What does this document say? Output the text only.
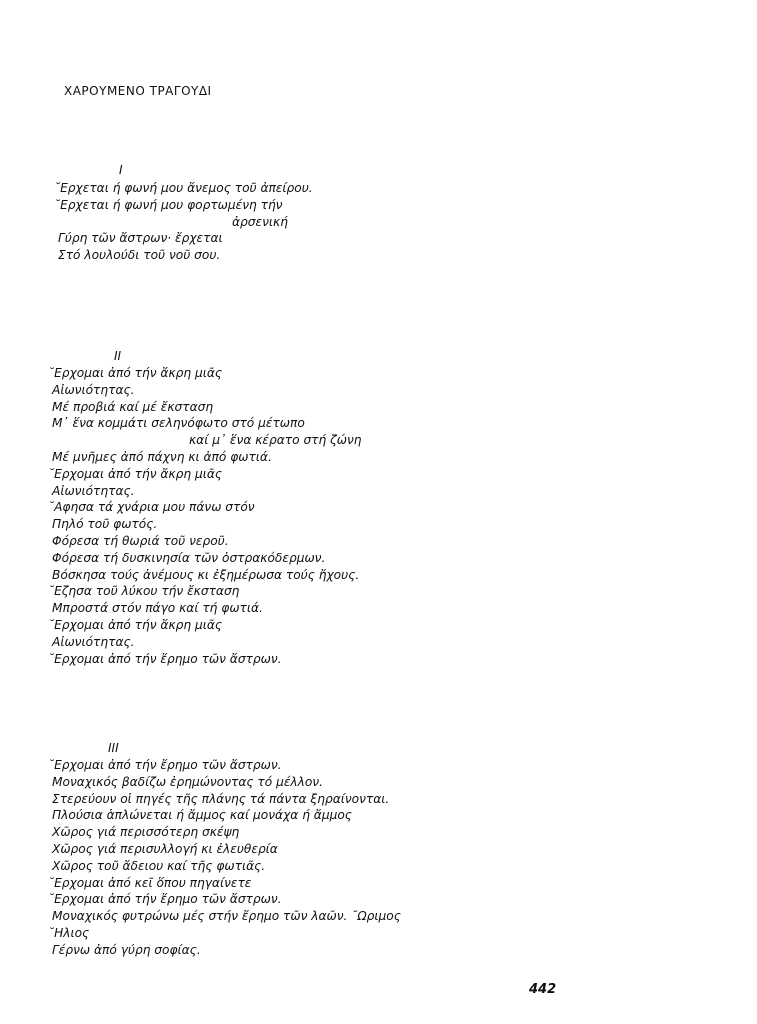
ΧΑΡΟΥΜΕΝΟ ΤΡΑΓΟΥΔΙ
I
˘Ερχεται ή φωνή μου ἄνεμος τοῦ ἀπείρου.
˘Ερχεται ή φωνή μου φορτωμένη τήν
ἀρσενική
Γύρη τῶν ἄστρων· ἔρχεται
Στό λουλούδι τοῦ νοῦ σου.
II
˘Ερχομαι ἀπό τήν ἄκρη μιᾶς
Αἰωνιότητας.
Μέ προβιά καί μέ ἔκσταση
Μ᾽ ἕνα κομμάτι σεληνόφωτο στό μέτωπο
καί μ᾽ ἕνα κέρατο στή ζώνη
Μέ μνῆμες ἀπό πάχνη κι ἀπό φωτιά.
˘Ερχομαι ἀπό τήν ἄκρη μιᾶς
Αἰωνιότητας.
˘Αφησα τά χνάρια μου πάνω στόν
Πηλό τοῦ φωτός.
Φόρεσα τή θωριά τοῦ νεροῦ.
Φόρεσα τή δυσκινησία τῶν ὀστρακόδερμων.
Βόσκησα τούς ἀνέμους κι ἐξημέρωσα τούς ἤχους.
˘Εζησα τοῦ λύκου τήν ἔκσταση
Μπροστά στόν πάγο καί τή φωτιά.
˘Ερχομαι ἀπό τήν ἄκρη μιᾶς
Αἰωνιότητας.
˘Ερχομαι ἀπό τήν ἔρημο τῶν ἄστρων.
III
˘Ερχομαι ἀπό τήν ἔρημο τῶν ἄστρων.
Μοναχικός βαδίζω ἐρημώνοντας τό μέλλον.
Στερεύουν οἱ πηγές τῆς πλάνης τά πάντα ξηραίνονται.
Πλούσια ἁπλώνεται ή ἄμμος καί μονάχα ή ἄμμος
Χῶρος γιά περισσότερη σκέψη
Χῶρος γιά περισυλλογή κι ἐλευθερία
Χῶρος τοῦ ἄδειου καί τῆς φωτιᾶς.
˘Ερχομαι ἀπό κεῖ ὅπου πηγαίνετε
˘Ερχομαι ἀπό τήν ἔρημο τῶν ἄστρων.
Μοναχικός φυτρώνω μές στήν ἔρημο τῶν λαῶν. ˘Ωριμος
˘Ηλιος
Γέρνω ἀπό γύρη σοφίας.
442
